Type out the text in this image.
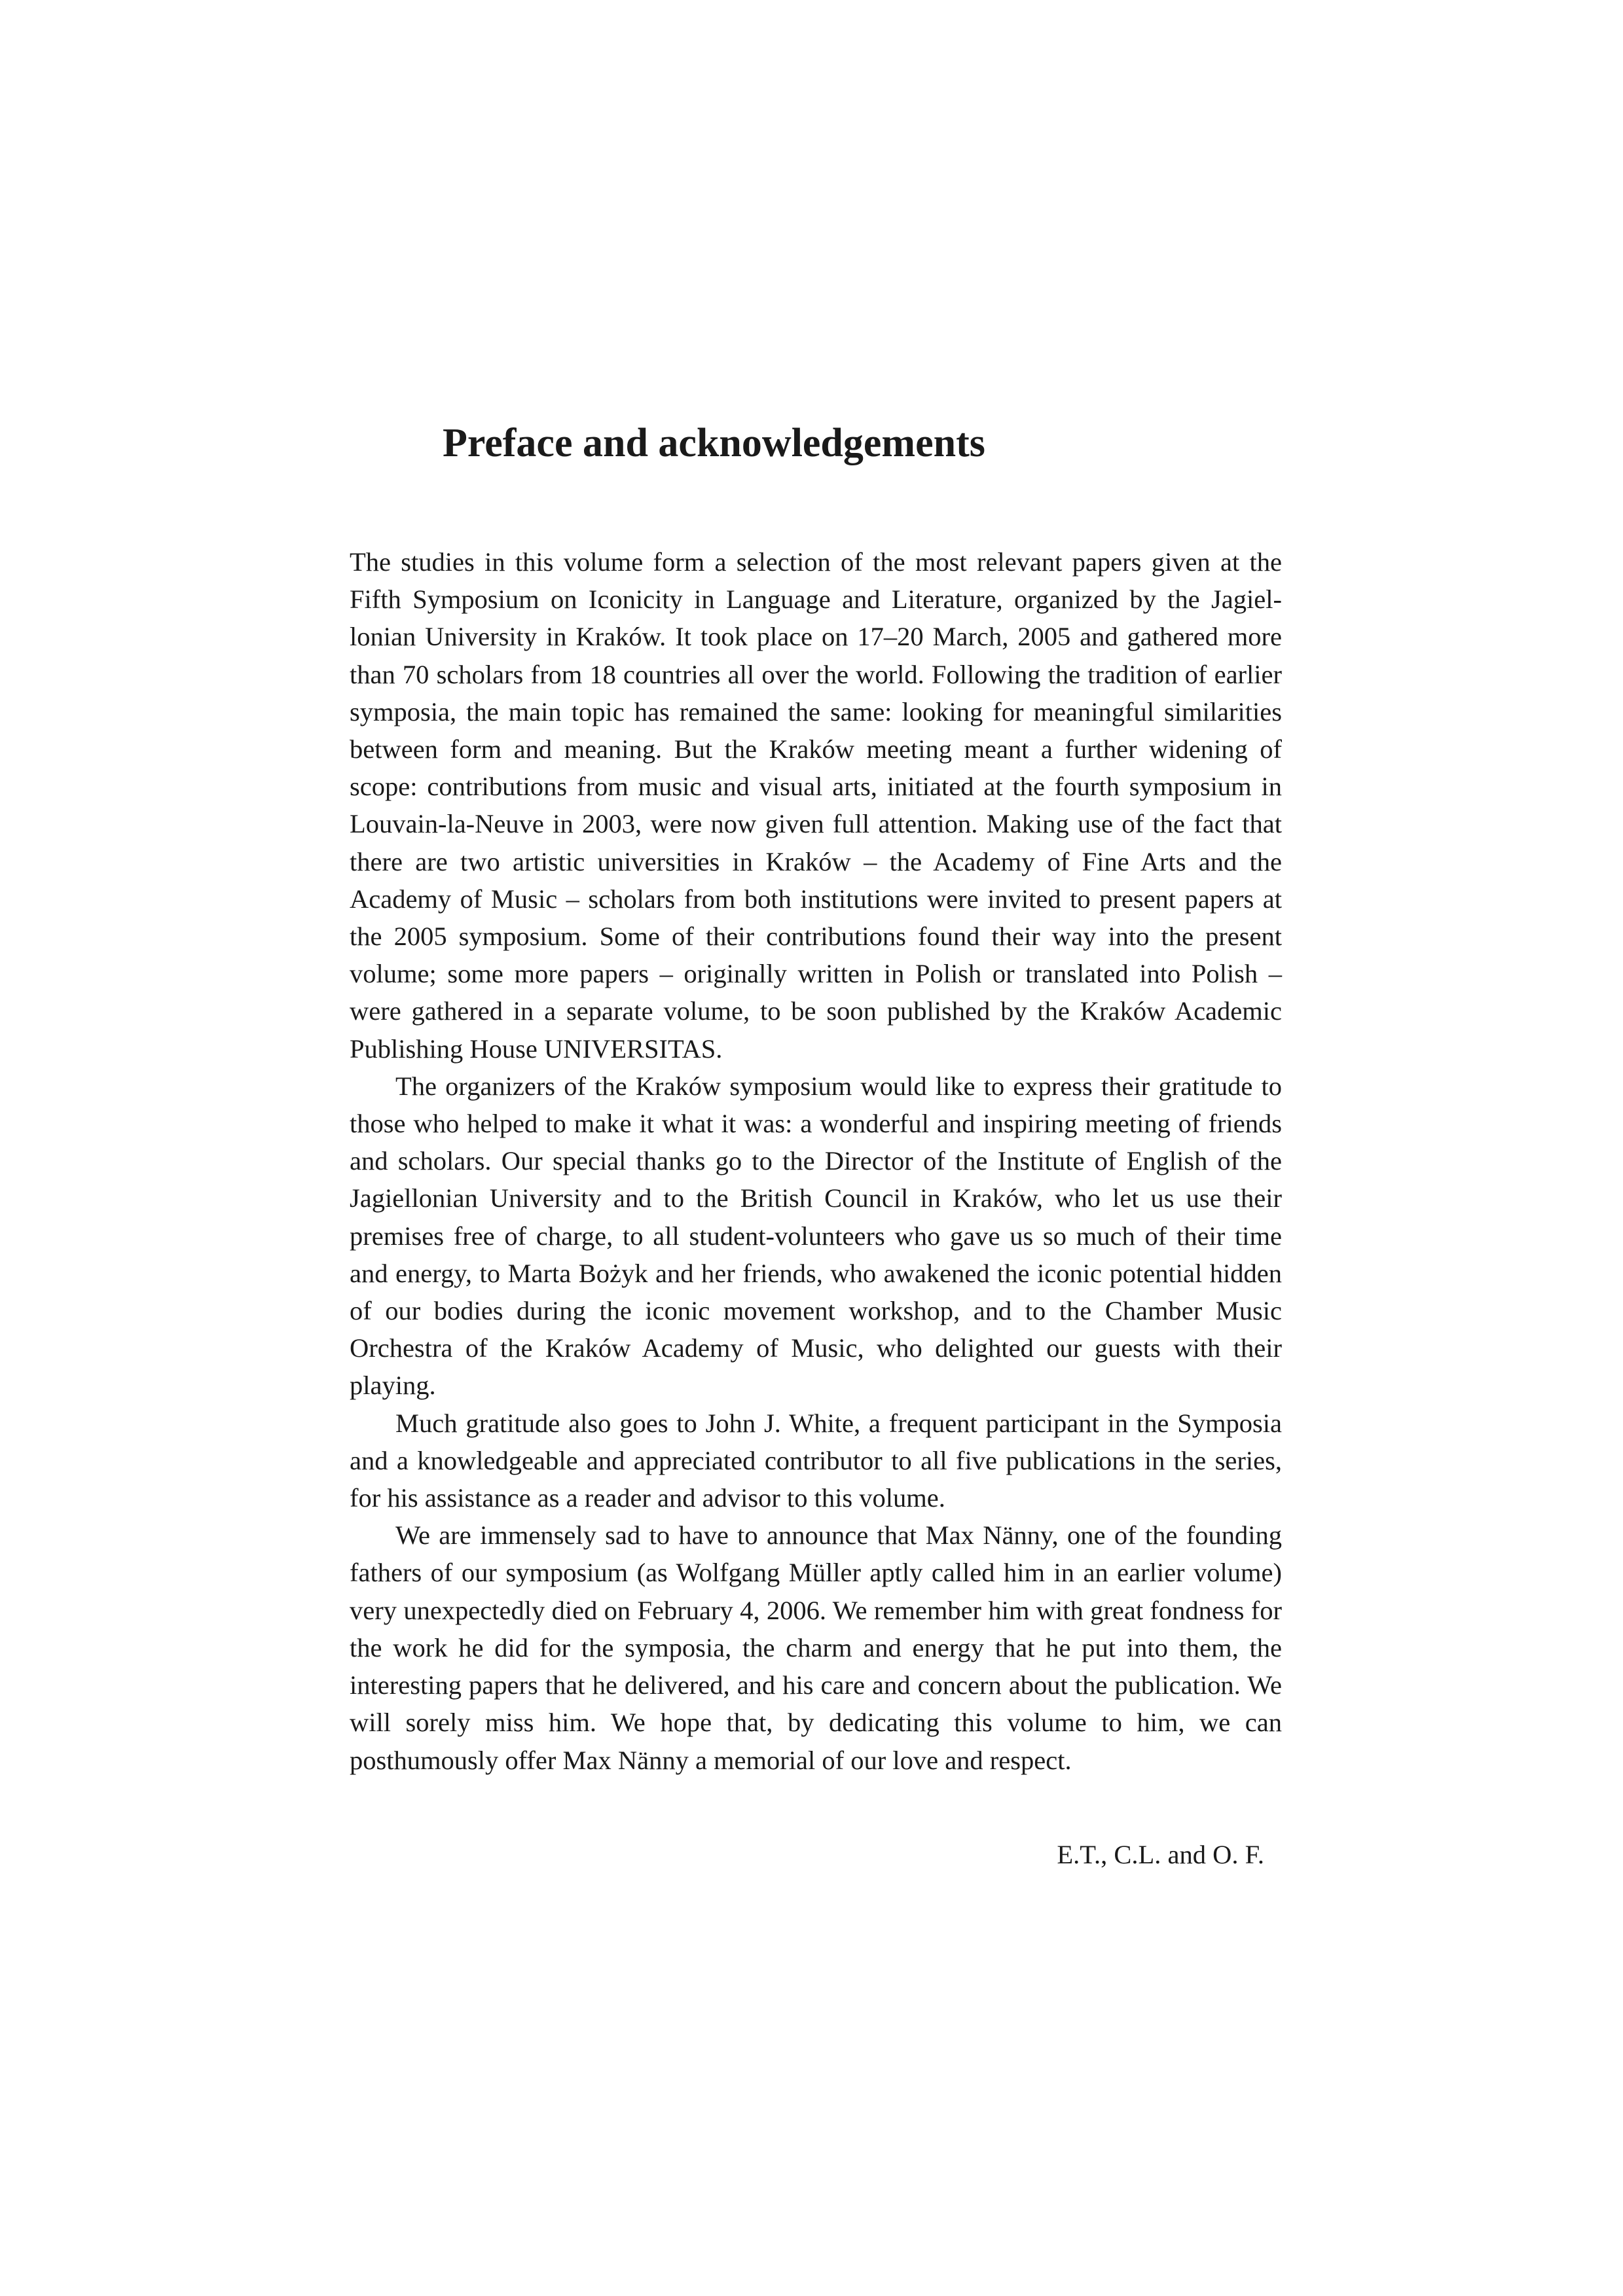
Preface and acknowledgements

The studies in this volume form a selection of the most relevant papers given at the Fifth Symposium on Iconicity in Language and Literature, organized by the Jagiellonian University in Kraków. It took place on 17–20 March, 2005 and gathered more than 70 scholars from 18 countries all over the world. Following the tradition of earlier symposia, the main topic has remained the same: looking for meaningful similarities between form and meaning. But the Kraków meeting meant a further widening of scope: contributions from music and visual arts, initiated at the fourth symposium in Louvain-la-Neuve in 2003, were now given full attention. Making use of the fact that there are two artistic universities in Kraków – the Academy of Fine Arts and the Academy of Music – scholars from both institutions were invited to present papers at the 2005 symposium. Some of their contributions found their way into the present volume; some more papers – originally written in Polish or translated into Polish – were gathered in a separate volume, to be soon published by the Kraków Academic Publishing House UNIVERSITAS.

The organizers of the Kraków symposium would like to express their gratitude to those who helped to make it what it was: a wonderful and inspiring meeting of friends and scholars. Our special thanks go to the Director of the Institute of English of the Jagiellonian University and to the British Council in Kraków, who let us use their premises free of charge, to all student-volunteers who gave us so much of their time and energy, to Marta Bożyk and her friends, who awakened the iconic potential hidden of our bodies during the iconic movement workshop, and to the Chamber Music Orchestra of the Kraków Academy of Music, who delighted our guests with their playing.

Much gratitude also goes to John J. White, a frequent participant in the Symposia and a knowledgeable and appreciated contributor to all five publications in the series, for his assistance as a reader and advisor to this volume.

We are immensely sad to have to announce that Max Nänny, one of the founding fathers of our symposium (as Wolfgang Müller aptly called him in an earlier volume) very unexpectedly died on February 4, 2006. We remember him with great fondness for the work he did for the symposia, the charm and energy that he put into them, the interesting papers that he delivered, and his care and concern about the publication. We will sorely miss him. We hope that, by dedicating this volume to him, we can posthumously offer Max Nänny a memorial of our love and respect.

E.T., C.L. and O. F.
